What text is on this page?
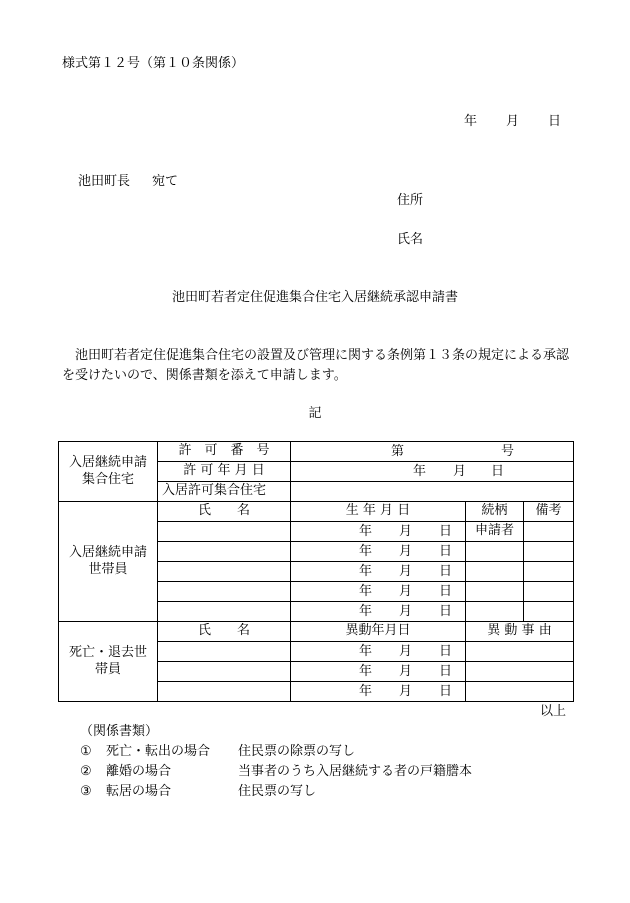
様式第１２号（第１０条関係）
年 月 日
池田町長 宛て
住所
氏名
池田町若者定住促進集合住宅入居継続承認申請書
池田町若者定住促進集合住宅の設置及び管理に関する条例第１３条の規定による承認を受けたいので、関係書類を添えて申請します。
記
入居継続申請集合住宅	許　可　番　号	第 号		

	許 可 年 月 日	年 月 日		

	入居許可集合住宅			
入居継続申請世帯員	氏　　名	生 年 月 日	続柄	備考

		年 月 日	申請者	

		年 月 日		

		年 月 日		

		年 月 日		

		年 月 日		

死亡・退去世帯員	氏　　名	異動年月日	異 動 事 由	

		年 月 日		

		年 月 日		

		年 月 日		

以上
（関係書類）
① 死亡・転出の場合 住民票の除票の写し
② 離婚の場合	当事者のうち入居継続する者の戸籍謄本
③ 転居の場合	住民票の写し
